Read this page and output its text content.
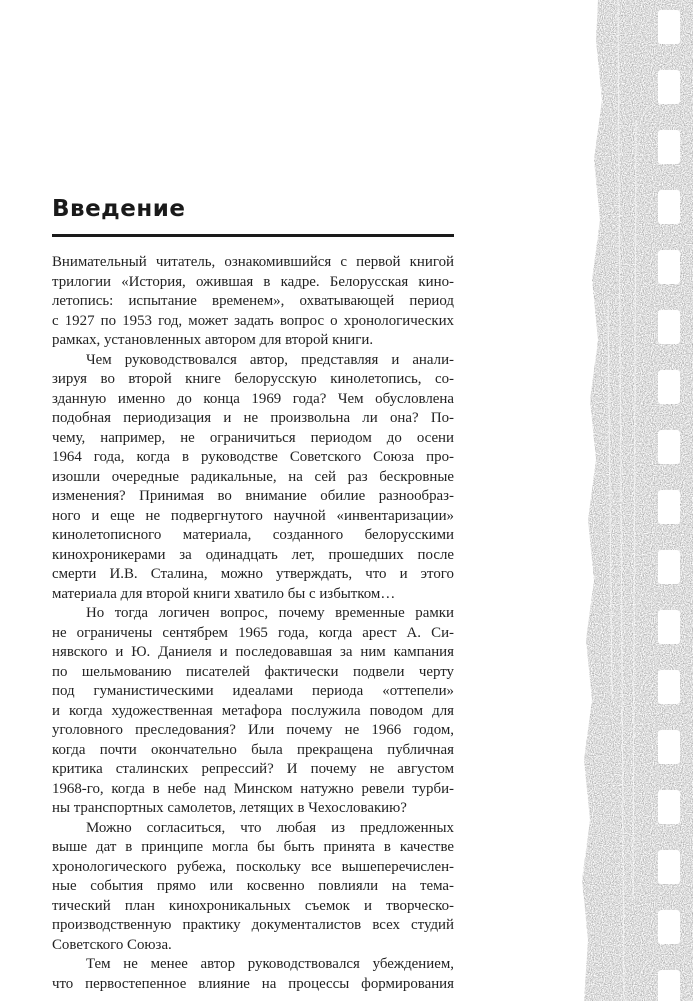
Введение
Внимательный читатель, ознакомившийся с первой книгой
трилогии «История, ожившая в кадре. Белорусская кино-
летопись: испытание временем», охватывающей период
с 1927 по 1953 год, может задать вопрос о хронологических
рамках, установленных автором для второй книги.
Чем руководствовался автор, представляя и анали-
зируя во второй книге белорусскую кинолетопись, со-
зданную именно до конца 1969 года? Чем обусловлена
подобная периодизация и не произвольна ли она? По-
чему, например, не ограничиться периодом до осени
1964 года, когда в руководстве Советского Союза про-
изошли очередные радикальные, на сей раз бескровные
изменения? Принимая во внимание обилие разнообраз-
ного и еще не подвергнутого научной «инвентаризации»
кинолетописного материала, созданного белорусскими
кинохроникерами за одинадцать лет, прошедших после
смерти И.В. Сталина, можно утверждать, что и этого
материала для второй книги хватило бы с избытком…
Но тогда логичен вопрос, почему временные рамки
не ограничены сентябрем 1965 года, когда арест А. Си-
нявского и Ю. Даниеля и последовавшая за ним кампания
по шельмованию писателей фактически подвели черту
под гуманистическими идеалами периода «оттепели»
и когда художественная метафора послужила поводом для
уголовного преследования? Или почему не 1966 годом,
когда почти окончательно была прекращена публичная
критика сталинских репрессий? И почему не августом
1968-го, когда в небе над Минском натужно ревели турби-
ны транспортных самолетов, летящих в Чехословакию?
Можно согласиться, что любая из предложенных
выше дат в принципе могла бы быть принята в качестве
хронологического рубежа, поскольку все вышеперечислен-
ные события прямо или косвенно повлияли на тема-
тический план кинохроникальных съемок и творческо-
производственную практику документалистов всех студий
Советского Союза.
Тем не менее автор руководствовался убеждением,
что первостепенное влияние на процессы формирования
